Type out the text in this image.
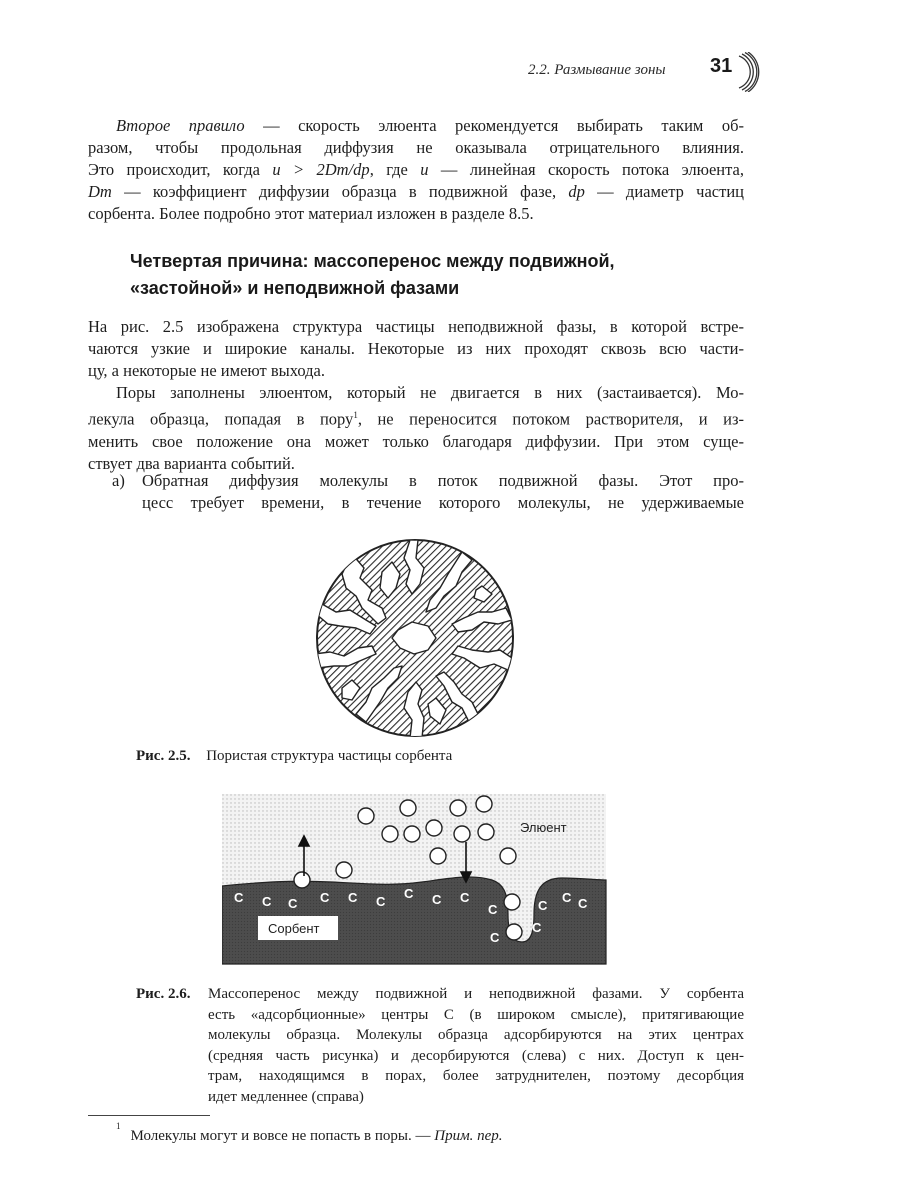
2.2. Размывание зоны 31
Второе правило — скорость элюента рекомендуется выбирать таким об-
разом, чтобы продольная диффузия не оказывала отрицательного влияния.
Это происходит, когда u > 2Dm/dp, где u — линейная скорость потока элюента,
Dm — коэффициент диффузии образца в подвижной фазе, dp — диаметр частиц
сорбента. Более подробно этот материал изложен в разделе 8.5.
Четвертая причина: массоперенос между подвижной,
«застойной» и неподвижной фазами
На рис. 2.5 изображена структура частицы неподвижной фазы, в которой встре-
чаются узкие и широкие каналы. Некоторые из них проходят сквозь всю части-
цу, а некоторые не имеют выхода.
Поры заполнены элюентом, который не двигается в них (застаивается). Мо-
лекула образца, попадая в пору$^1$, не переносится потоком растворителя, и из-
менить свое положение она может только благодаря диффузии. При этом суще-
ствует два варианта событий.
а) Обратная диффузия молекулы в поток подвижной фазы. Этот про-
цесс требует времени, в течение которого молекулы, не удерживаемые
Рис. 2.5. Пористая структура частицы сорбента
Элюент
Сорбент
C C C C C C
C C C
C
C
C
C
C C
Рис. 2.6. Массоперенос между подвижной и неподвижной фазами. У сорбента
есть «адсорбционные» центры С (в широком смысле), притягивающие
молекулы образца. Молекулы образца адсорбируются на этих центрах
(средняя часть рисунка) и десорбируются (слева) с них. Доступ к цен-
трам, находящимся в порах, более затруднителен, поэтому десорбция
идет медленнее (справа)
$^1$Молекулы могут и вовсе не попасть в поры. — Прим. пер.
